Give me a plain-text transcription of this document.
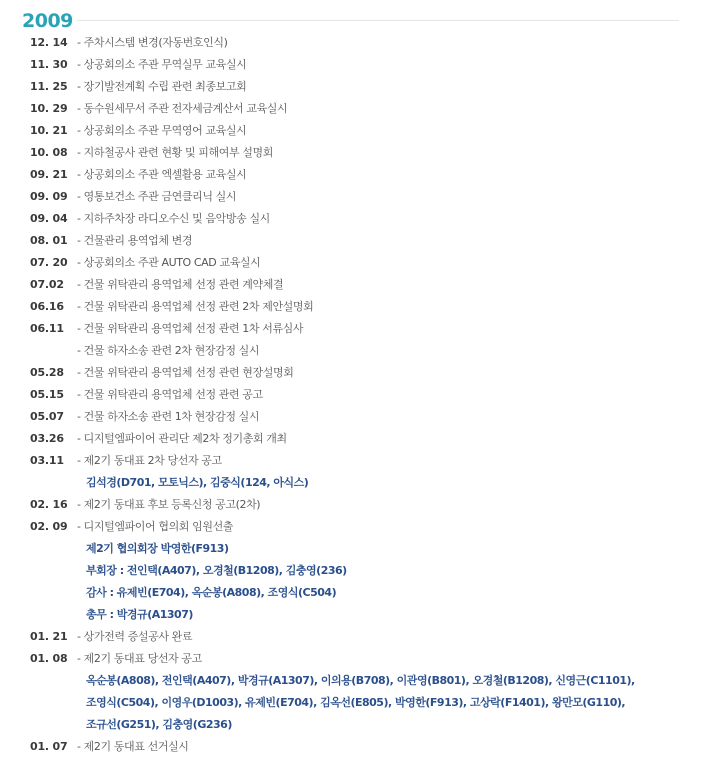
2009
12. 14 - 주차시스템 변경(자동번호인식)
11. 30 - 상공회의소 주관 무역실무 교육실시
11. 25 - 장기발전계획 수립 관련 최종보고회
10. 29 - 동수원세무서 주관 전자세금계산서 교육실시
10. 21 - 상공회의소 주관 무역영어 교육실시
10. 08 - 지하철공사 관련 현황 및 피해여부 설명회
09. 21 - 상공회의소 주관 엑셀활용 교육실시
09. 09 - 영통보건소 주관 금연클리닉 실시
09. 04 - 지하주차장 라디오수신 및 음악방송 실시
08. 01 - 건물관리 용역업체 변경
07. 20 - 상공회의소 주관 AUTO CAD 교육실시
07.02	- 건물 위탁관리 용역업체 선정 관련 계약체결
06.16	- 건물 위탁관리 용역업체 선정 관련 2차 제안설명회
06.11	- 건물 위탁관리 용역업체 선정 관련 1차 서류심사
- 건물 하자소송 관련 2차 현장감정 실시
05.28	- 건물 위탁관리 용역업체 선정 관련 현장설명회
05.15	- 건물 위탁관리 용역업체 선정 관련 공고
05.07	- 건물 하자소송 관련 1차 현장감정 실시
03.26	- 디지털엠파이어 관리단 제2차 정기총회 개최
03.11	- 제2기 동대표 2차 당선자 공고
김석경(D701, 모토닉스), 김중식(124, 아식스)
02. 16 - 제2기 동대표 후보 등록신청 공고(2차)
02. 09 - 디지털엠파이어 협의회 임원선출
제2기 협의회장 박영한(F913)
부회장 : 전인택(A407), 오경철(B1208), 김충영(236)
감사 : 유제빈(E704), 옥순봉(A808), 조영식(C504)
총무 : 박경규(A1307)
01. 21 - 상가전력 증설공사 완료
01. 08 - 제2기 동대표 당선자 공고
옥순봉(A808), 전인택(A407), 박경규(A1307), 이의용(B708), 이관영(B801), 오경철(B1208), 신영근(C1101),
조영식(C504), 이영우(D1003), 유제빈(E704), 김옥선(E805), 박영한(F913), 고상락(F1401), 왕만모(G110),
조규선(G251), 김충영(G236)
01. 07 - 제2기 동대표 선거실시
